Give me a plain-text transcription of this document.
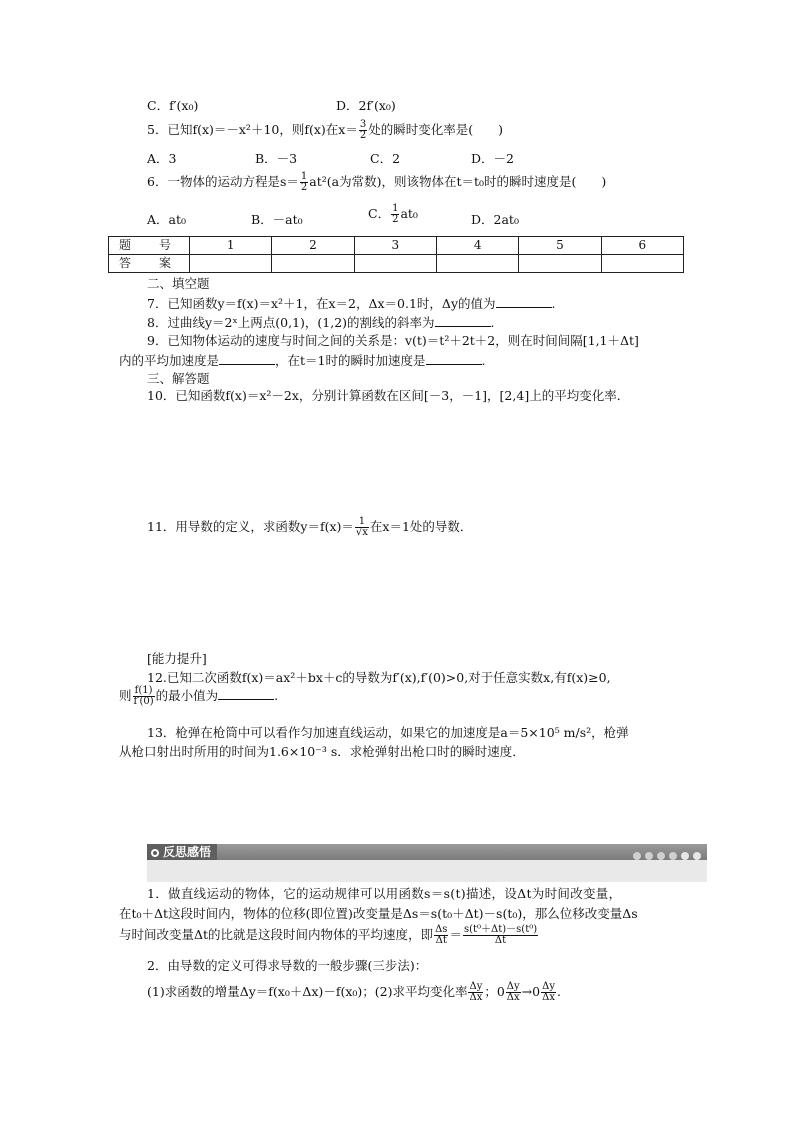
C．f′(x₀)	D．2f′(x₀)
5．已知f(x)＝－x²＋10，则f(x)在$x= \frac{3}{2}$ 处的瞬时变化率是(　　)
A．3	B．－3	C．2	D．－2
6．一物体的运动方程是$s= \frac{1}{2} at^2(a$为常数)，则该物体在t＝t₀时的瞬时速度是(　　)
A．at₀	B．－at₀	C． $\frac{1}{2} at_0$	D．2at₀
题　号	1	2	3	4	5	6
答　案						
二、填空题
7．已知函数y＝f(x)＝x²＋1，在x＝2，Δx＝0.1时，Δy的值为	.
8．过曲线y＝2ˣ上两点(0,1)，(1,2)的割线的斜率为	.
9．已知物体运动的速度与时间之间的关系是：v(t)＝t²＋2t＋2，则在时间间隔[1,1＋Δt]
内的平均加速度是	，在t＝1时的瞬时加速度是	.
三、解答题
10．已知函数f(x)＝x²－2x，分别计算函数在区间[－3，－1]，[2,4]上的平均变化率．
11．用导数的定义，求函数$y=f(x)= \frac{1}{√x}$ 在x＝1处的导数．
[能力提升]
12.已知二次函数f(x)＝ax²＋bx＋c的导数为f′(x),f′(0)>0,对于任意实数x,有f(x)≥0,
则 $\frac{f(1)}{f'(0)}$ 的最小值为	.
13．枪弹在枪筒中可以看作匀加速直线运动，如果它的加速度是a＝5×10⁵ m/s²，枪弹
从枪口射出时所用的时间为1.6×10⁻³ s．求枪弹射出枪口时的瞬时速度．
反思感悟
1．做直线运动的物体，它的运动规律可以用函数s＝s(t)描述，设Δt为时间改变量，
在t₀＋Δt这段时间内，物体的位移(即位置)改变量是Δs＝s(t₀＋Δt)－s(t₀)，那么位移改变量Δs
与时间改变量Δt的比就是这段时间内物体的平均速度，即 $\frac{\Delta s}{\Delta t} = \frac{\text{s(t⁰＋Δt)－s(t⁰)}}{\Delta t}$
2．由导数的定义可得求导数的一般步骤(三步法)：
(1)求函数的增量Δy＝f(x₀＋Δx)－f(x₀)；(2)求平均变化率 $\frac{\Delta y}{\Delta x}$ ；$0 \frac{\Delta y}{\Delta x} \to 0 \frac{\Delta y}{\Delta x}$ .
